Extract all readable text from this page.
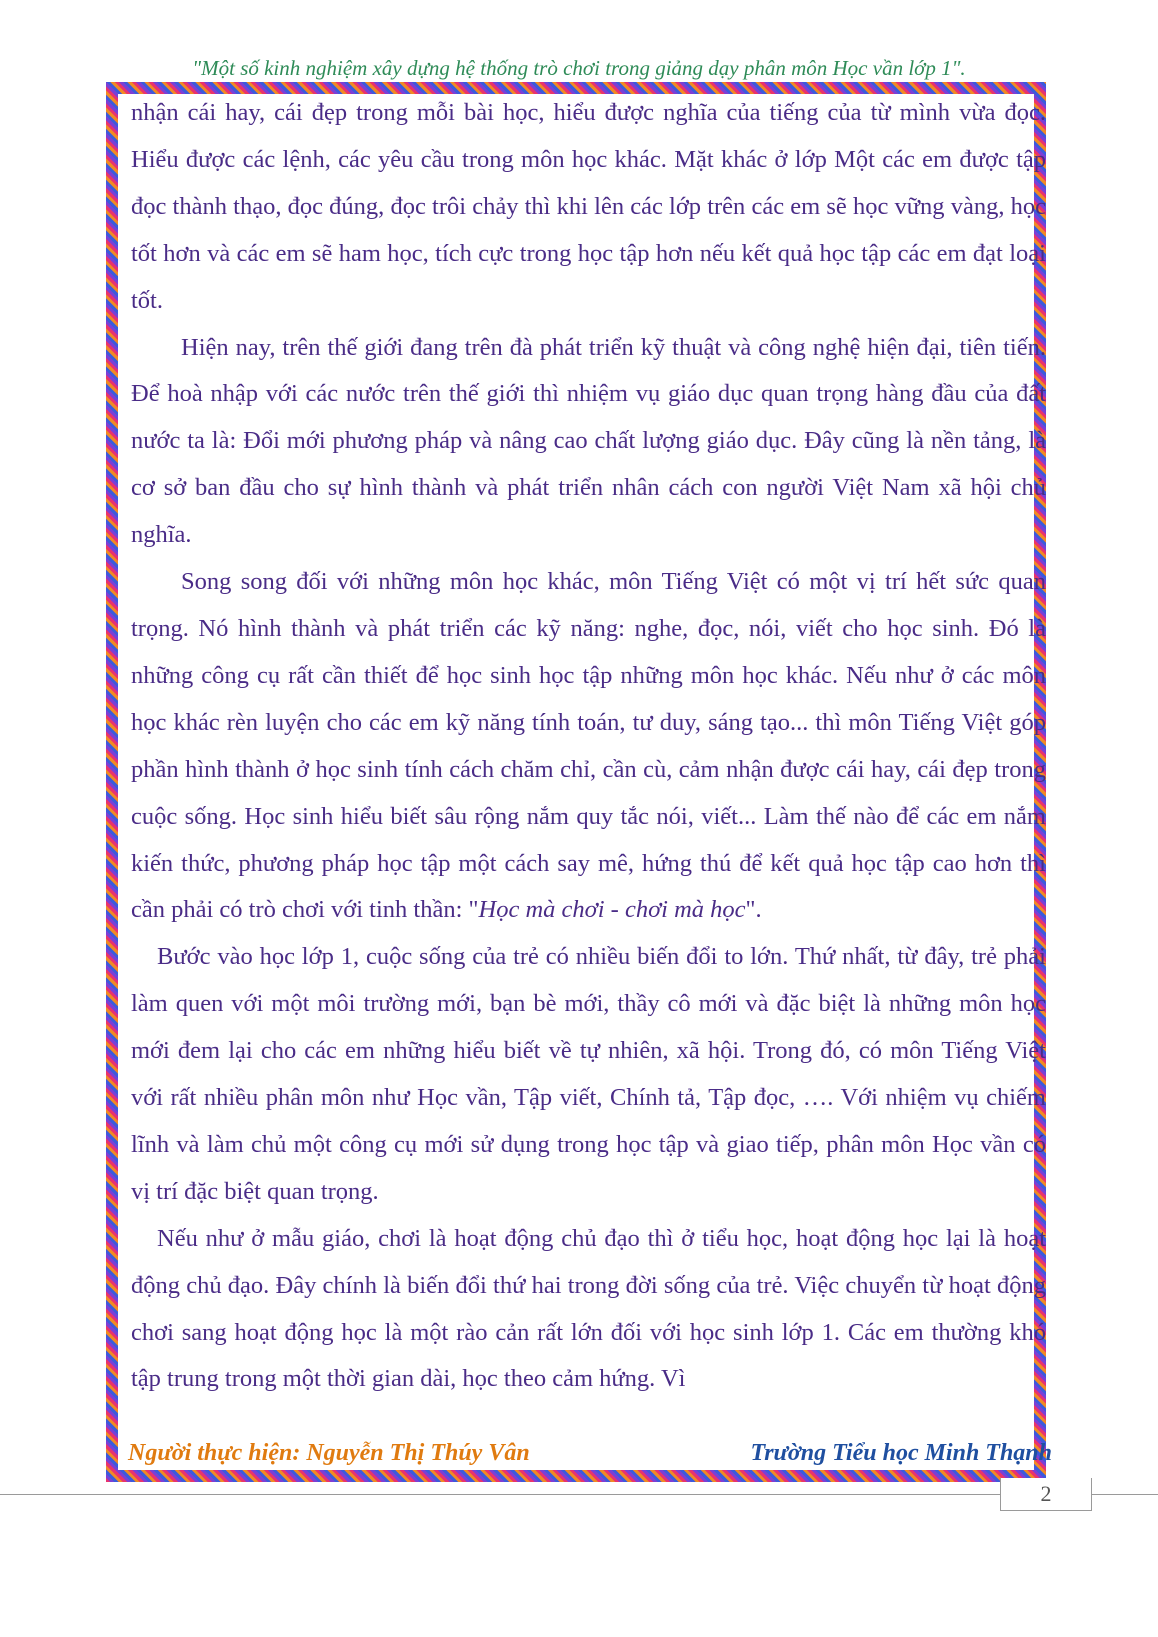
"Một số kinh nghiệm xây dựng hệ thống trò chơi trong giảng dạy phân môn Học vần lớp 1".

nhận cái hay, cái đẹp trong mỗi bài học, hiểu được nghĩa của tiếng của từ mình vừa đọc. Hiểu được các lệnh, các yêu cầu trong môn học khác. Mặt khác ở lớp Một các em được tập đọc thành thạo, đọc đúng, đọc trôi chảy thì khi lên các lớp trên các em sẽ học vững vàng, học tốt hơn và các em sẽ ham học, tích cực trong học tập hơn nếu kết quả học tập các em đạt loại tốt.

Hiện nay, trên thế giới đang trên đà phát triển kỹ thuật và công nghệ hiện đại, tiên tiến. Để hoà nhập với các nước trên thế giới thì nhiệm vụ giáo dục quan trọng hàng đầu của đất nước ta là: Đổi mới phương pháp và nâng cao chất lượng giáo dục. Đây cũng là nền tảng, là cơ sở ban đầu cho sự hình thành và phát triển nhân cách con người Việt Nam xã hội chủ nghĩa.

Song song đối với những môn học khác, môn Tiếng Việt có một vị trí hết sức quan trọng. Nó hình thành và phát triển các kỹ năng: nghe, đọc, nói, viết cho học sinh. Đó là những công cụ rất cần thiết để học sinh học tập những môn học khác. Nếu như ở các môn học khác rèn luyện cho các em kỹ năng tính toán, tư duy, sáng tạo... thì môn Tiếng Việt góp phần hình thành ở học sinh tính cách chăm chỉ, cần cù, cảm nhận được cái hay, cái đẹp trong cuộc sống. Học sinh hiểu biết sâu rộng nắm quy tắc nói, viết... Làm thế nào để các em nắm kiến thức, phương pháp học tập một cách say mê, hứng thú để kết quả học tập cao hơn thì cần phải có trò chơi với tinh thần: "Học mà chơi - chơi mà học".

Bước vào học lớp 1, cuộc sống của trẻ có nhiều biến đổi to lớn. Thứ nhất, từ đây, trẻ phải làm quen với một môi trường mới, bạn bè mới, thầy cô mới và đặc biệt là những môn học mới đem lại cho các em những hiểu biết về tự nhiên, xã hội. Trong đó, có môn Tiếng Việt với rất nhiều phân môn như Học vần, Tập viết, Chính tả, Tập đọc, …. Với nhiệm vụ chiếm lĩnh và làm chủ một công cụ mới sử dụng trong học tập và giao tiếp, phân môn Học vần có vị trí đặc biệt quan trọng.

Nếu như ở mẫu giáo, chơi là hoạt động chủ đạo thì ở tiểu học, hoạt động học lại là hoạt động chủ đạo. Đây chính là biến đổi thứ hai trong đời sống của trẻ. Việc chuyển từ hoạt động chơi sang hoạt động học là một rào cản rất lớn đối với học sinh lớp 1. Các em thường khó tập trung trong một thời gian dài, học theo cảm hứng. Vì

Người thực hiện: Nguyễn Thị Thúy Vân	Trường Tiểu học Minh Thạnh

2
